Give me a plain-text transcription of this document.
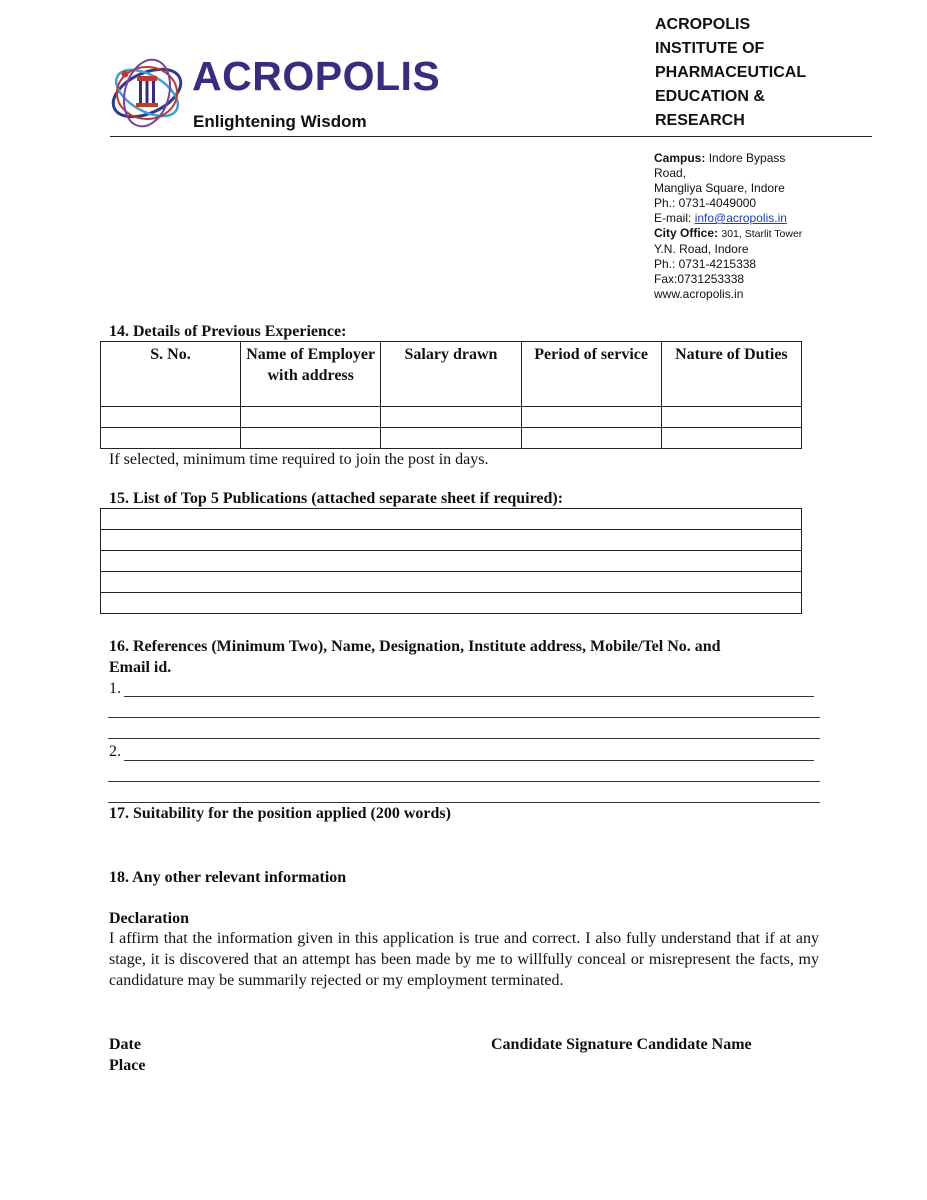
ACROPOLIS
Enlightening Wisdom
ACROPOLIS
INSTITUTE OF
PHARMACEUTICAL
EDUCATION &
RESEARCH
Campus: Indore Bypass
Road,
Mangliya Square, Indore
Ph.: 0731-4049000
E-mail: info@acropolis.in
City Office: 301, Starlit Tower
Y.N. Road, Indore
Ph.: 0731-4215338
Fax:0731253338
www.acropolis.in
14. Details of Previous Experience:
S. No.	Name of Employer with address	Salary drawn	Period of service	Nature of Duties

If selected, minimum time required to join the post in days.
15. List of Top 5 Publications (attached separate sheet if required):

16. References (Minimum Two), Name, Designation, Institute address, Mobile/Tel No. and
Email id.
1.
2.
17. Suitability for the position applied (200 words)
18. Any other relevant information
Declaration
I affirm that the information given in this application is true and correct. I also fully understand that if at any stage, it is discovered that an attempt has been made by me to willfully conceal or misrepresent the facts, my candidature may be summarily rejected or my employment terminated.
Date
Place
Candidate Signature Candidate Name
